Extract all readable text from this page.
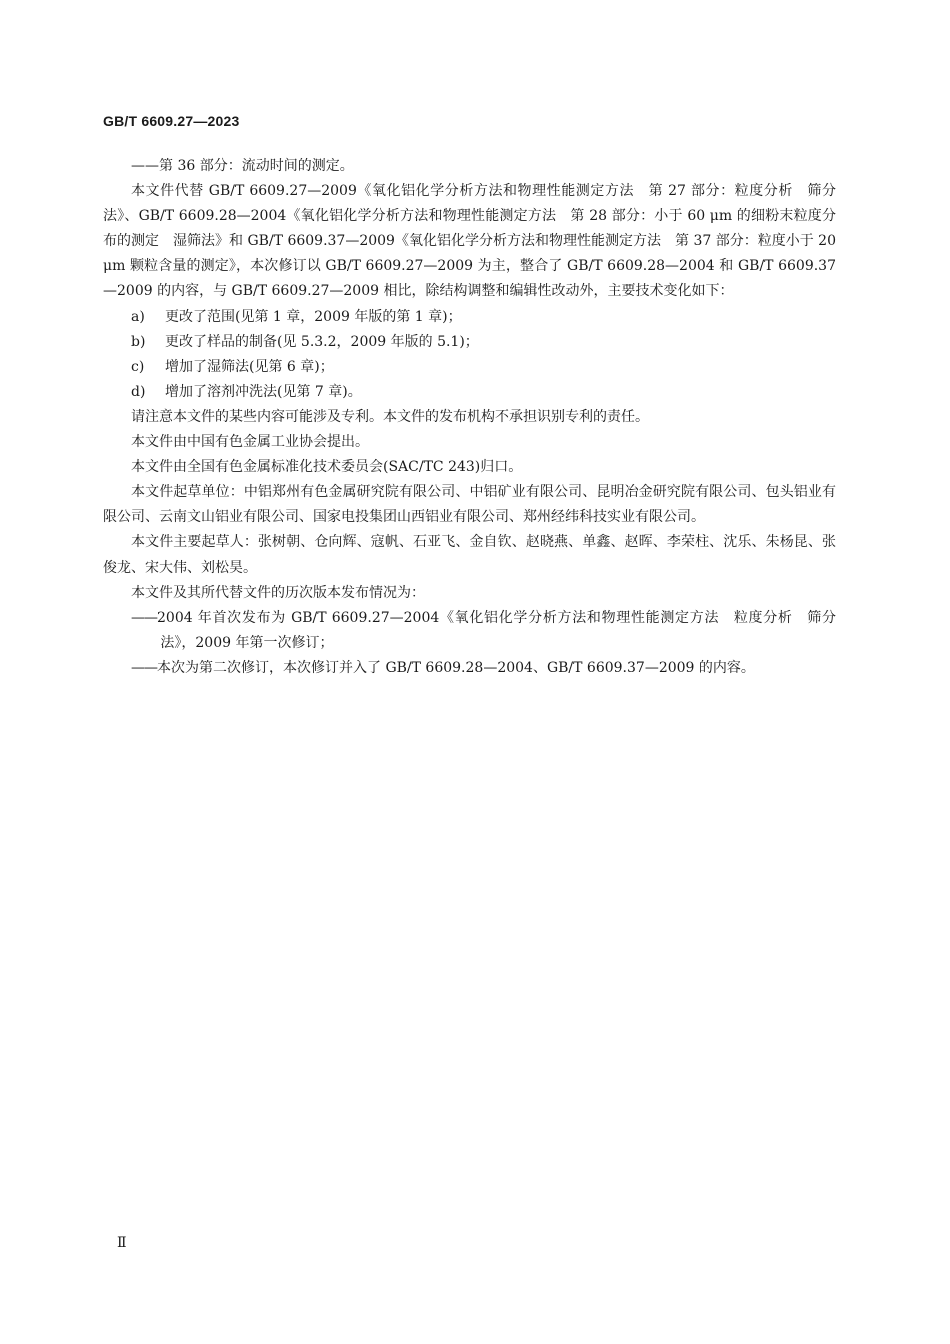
GB/T 6609.27—2023

——第 36 部分：流动时间的测定。

本文件代替 GB/T 6609.27—2009《氧化铝化学分析方法和物理性能测定方法　第 27 部分：粒度分析　筛分法》、GB/T 6609.28—2004《氧化铝化学分析方法和物理性能测定方法　第 28 部分：小于 60 μm 的细粉末粒度分布的测定　湿筛法》和 GB/T 6609.37—2009《氧化铝化学分析方法和物理性能测定方法　第 37 部分：粒度小于 20 μm 颗粒含量的测定》，本次修订以 GB/T 6609.27—2009 为主，整合了 GB/T 6609.28—2004 和 GB/T 6609.37—2009 的内容，与 GB/T 6609.27—2009 相比，除结构调整和编辑性改动外，主要技术变化如下：

a)	更改了范围(见第 1 章，2009 年版的第 1 章)；

b)	更改了样品的制备(见 5.3.2，2009 年版的 5.1)；

c)	增加了湿筛法(见第 6 章)；

d)	增加了溶剂冲洗法(见第 7 章)。

请注意本文件的某些内容可能涉及专利。本文件的发布机构不承担识别专利的责任。

本文件由中国有色金属工业协会提出。

本文件由全国有色金属标准化技术委员会(SAC/TC 243)归口。

本文件起草单位：中铝郑州有色金属研究院有限公司、中铝矿业有限公司、昆明冶金研究院有限公司、包头铝业有限公司、云南文山铝业有限公司、国家电投集团山西铝业有限公司、郑州经纬科技实业有限公司。

本文件主要起草人：张树朝、仓向辉、寇帆、石亚飞、金自钦、赵晓燕、单鑫、赵晖、李荣柱、沈乐、朱杨昆、张俊龙、宋大伟、刘松昊。

本文件及其所代替文件的历次版本发布情况为：

——2004 年首次发布为 GB/T 6609.27—2004《氧化铝化学分析方法和物理性能测定方法　粒度分析　筛分法》，2009 年第一次修订；

——本次为第二次修订，本次修订并入了 GB/T 6609.28—2004、GB/T 6609.37—2009 的内容。

Ⅱ
